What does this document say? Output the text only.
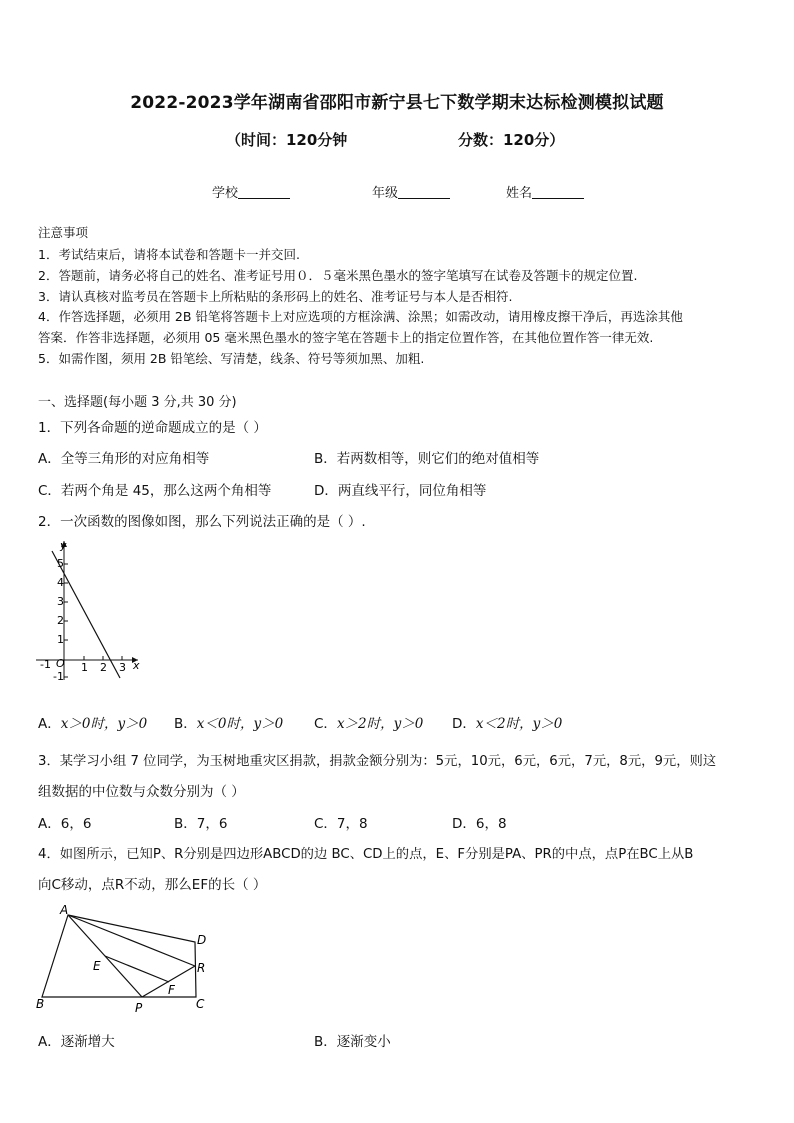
2022-2023学年湖南省邵阳市新宁县七下数学期末达标检测模拟试题
（时间：120分钟	分数：120分）
学校	年级	姓名
注意事项
1．考试结束后，请将本试卷和答题卡一并交回.
2．答题前，请务必将自己的姓名、准考证号用０．５毫米黑色墨水的签字笔填写在试卷及答题卡的规定位置.
3．请认真核对监考员在答题卡上所粘贴的条形码上的姓名、准考证号与本人是否相符.
4．作答选择题，必须用 2B 铅笔将答题卡上对应选项的方框涂满、涂黑；如需改动，请用橡皮擦干净后，再选涂其他
答案．作答非选择题，必须用 05 毫米黑色墨水的签字笔在答题卡上的指定位置作答，在其他位置作答一律无效.
5．如需作图，须用 2B 铅笔绘、写清楚，线条、符号等须加黑、加粗.
一、选择题(每小题 3 分,共 30 分)
1．下列各命题的逆命题成立的是（ ）
A．全等三角形的对应角相等	B．若两数相等，则它们的绝对值相等
C．若两个角是 45，那么这两个角相等	D．两直线平行，同位角相等
2．一次函数的图像如图，那么下列说法正确的是（ ）.
y
x
O
5
4
3
2
1
-1
-1	1 2 3
A．x＞0时，y＞0 B．x＜0时，y＞0 C．x＞2时，y＞0 D．x＜2时，y＞0
3．某学习小组 7 位同学，为玉树地重灾区捐款，捐款金额分别为：5元，10元，6元，6元，7元，8元，9元，则这
组数据的中位数与众数分别为（ ）
A．6，6	B．7，6	C．7，8	D．6，8
4．如图所示，已知P、R分别是四边形ABCD的边 BC、CD上的点，E、F分别是PA、PR的中点，点P在BC上从B
向C移动，点R不动，那么EF的长（ ）
A
B	C
D
E
F
P
R
A．逐渐增大	B．逐渐变小
